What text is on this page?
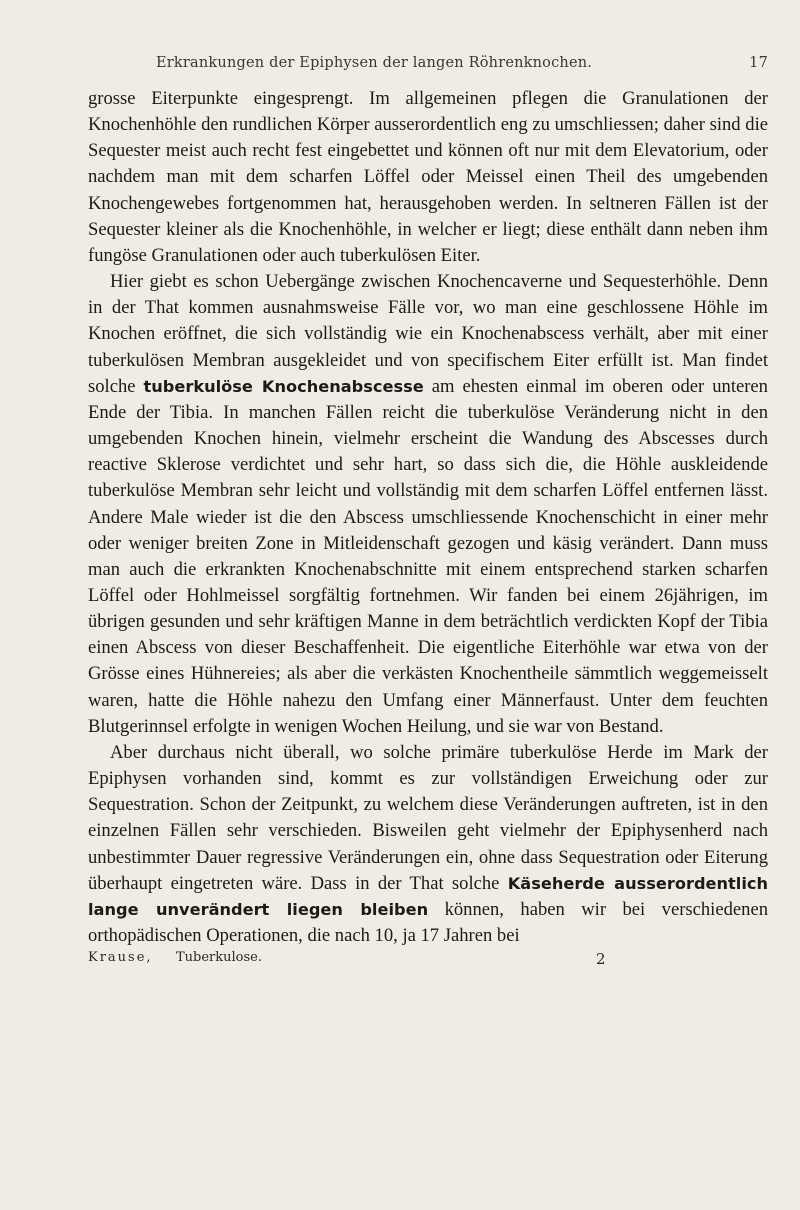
Erkrankungen der Epiphysen der langen Röhrenknochen.	17

grosse Eiterpunkte eingesprengt. Im allgemeinen pflegen die Granulationen der Knochenhöhle den rundlichen Körper ausserordentlich eng zu umschliessen; daher sind die Sequester meist auch recht fest eingebettet und können oft nur mit dem Elevatorium, oder nachdem man mit dem scharfen Löffel oder Meissel einen Theil des umgebenden Knochengewebes fortgenommen hat, herausgehoben werden. In seltneren Fällen ist der Sequester kleiner als die Knochenhöhle, in welcher er liegt; diese enthält dann neben ihm fungöse Granulationen oder auch tuberkulösen Eiter.

Hier giebt es schon Uebergänge zwischen Knochencaverne und Sequesterhöhle. Denn in der That kommen ausnahmsweise Fälle vor, wo man eine geschlossene Höhle im Knochen eröffnet, die sich vollständig wie ein Knochenabscess verhält, aber mit einer tuberkulösen Membran ausgekleidet und von specifischem Eiter erfüllt ist. Man findet solche tuberkulöse Knochenabscesse am ehesten einmal im oberen oder unteren Ende der Tibia. In manchen Fällen reicht die tuberkulöse Veränderung nicht in den umgebenden Knochen hinein, vielmehr erscheint die Wandung des Abscesses durch reactive Sklerose verdichtet und sehr hart, so dass sich die, die Höhle auskleidende tuberkulöse Membran sehr leicht und vollständig mit dem scharfen Löffel entfernen lässt. Andere Male wieder ist die den Abscess umschliessende Knochenschicht in einer mehr oder weniger breiten Zone in Mitleidenschaft gezogen und käsig verändert. Dann muss man auch die erkrankten Knochenabschnitte mit einem entsprechend starken scharfen Löffel oder Hohlmeissel sorgfältig fortnehmen. Wir fanden bei einem 26jährigen, im übrigen gesunden und sehr kräftigen Manne in dem beträchtlich verdickten Kopf der Tibia einen Abscess von dieser Beschaffenheit. Die eigentliche Eiterhöhle war etwa von der Grösse eines Hühnereies; als aber die verkästen Knochentheile sämmtlich weggemeisselt waren, hatte die Höhle nahezu den Umfang einer Männerfaust. Unter dem feuchten Blutgerinnsel erfolgte in wenigen Wochen Heilung, und sie war von Bestand.

Aber durchaus nicht überall, wo solche primäre tuberkulöse Herde im Mark der Epiphysen vorhanden sind, kommt es zur vollständigen Erweichung oder zur Sequestration. Schon der Zeitpunkt, zu welchem diese Veränderungen auftreten, ist in den einzelnen Fällen sehr verschieden. Bisweilen geht vielmehr der Epiphysenherd nach unbestimmter Dauer regressive Veränderungen ein, ohne dass Sequestration oder Eiterung überhaupt eingetreten wäre. Dass in der That solche Käseherde ausserordentlich lange unverändert liegen bleiben können, haben wir bei verschiedenen orthopädischen Operationen, die nach 10, ja 17 Jahren bei

Krause, Tuberkulose.	2
